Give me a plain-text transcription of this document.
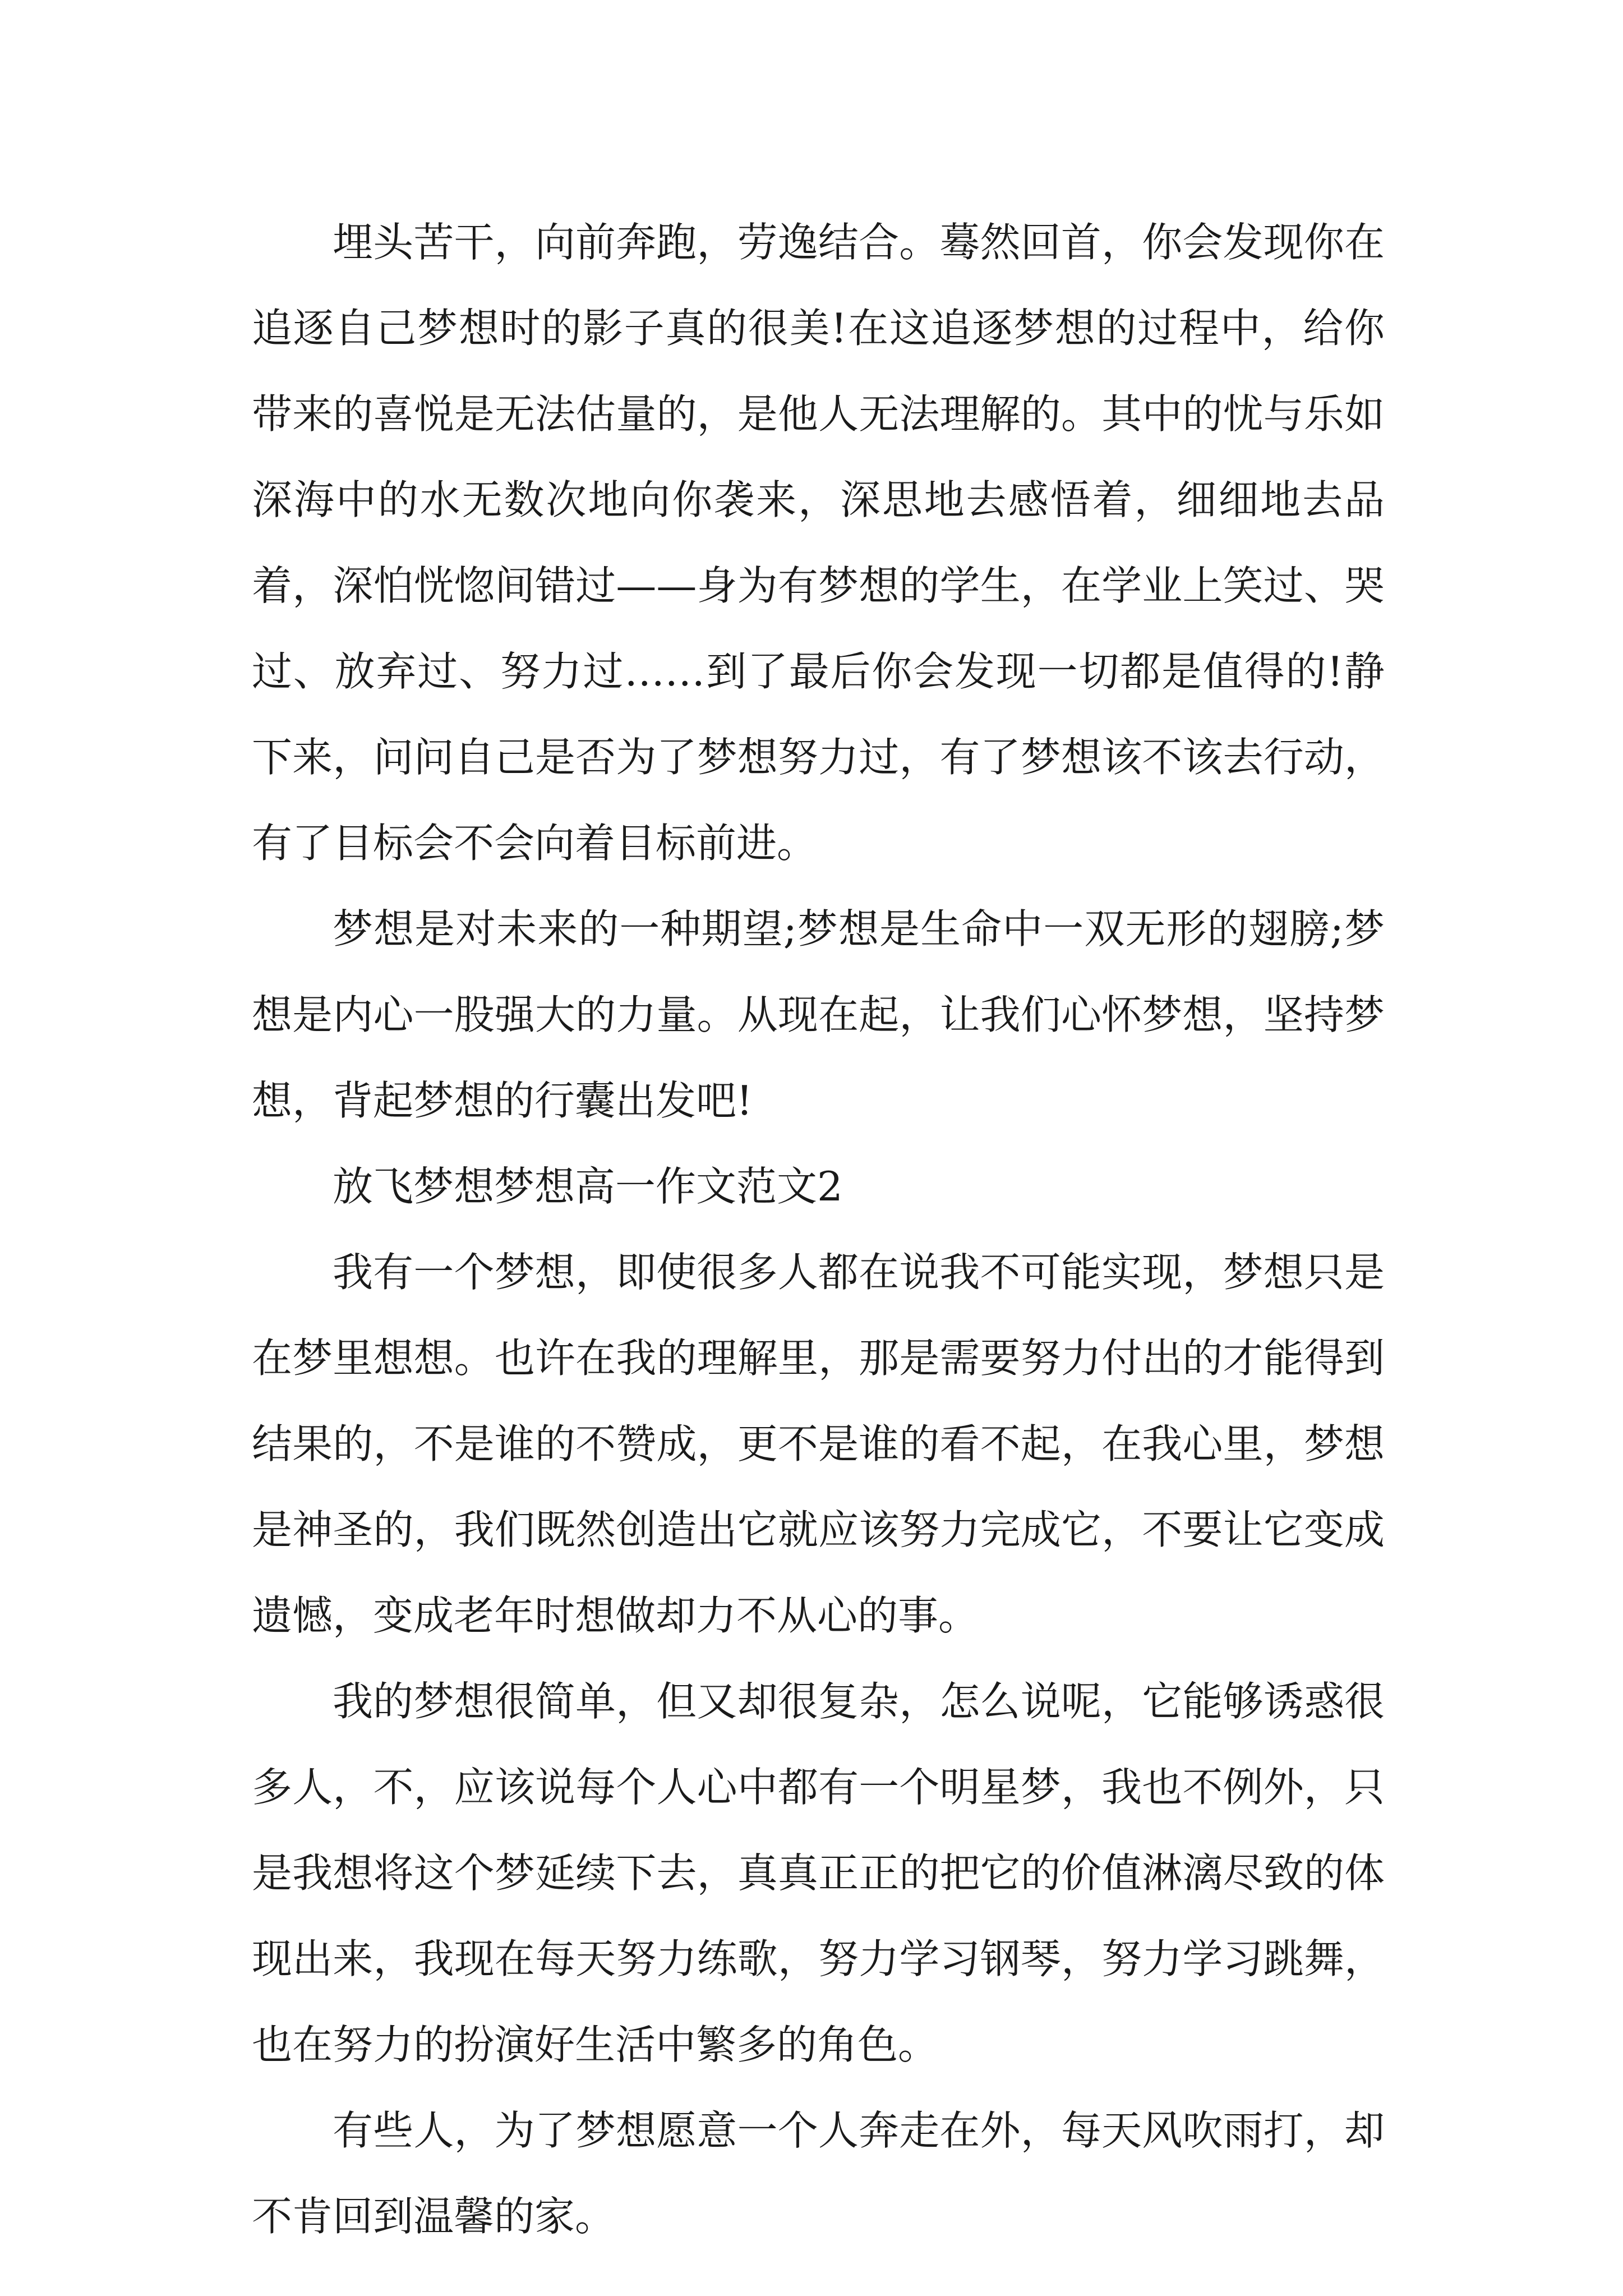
埋头苦干，向前奔跑，劳逸结合。蓦然回首，你会发现你在追逐自己梦想时的影子真的很美!在这追逐梦想的过程中，给你带来的喜悦是无法估量的，是他人无法理解的。其中的忧与乐如深海中的水无数次地向你袭来，深思地去感悟着，细细地去品着，深怕恍惚间错过——身为有梦想的学生，在学业上笑过、哭过、放弃过、努力过……到了最后你会发现一切都是值得的!静下来，问问自己是否为了梦想努力过，有了梦想该不该去行动，有了目标会不会向着目标前进。

梦想是对未来的一种期望;梦想是生命中一双无形的翅膀;梦想是内心一股强大的力量。从现在起，让我们心怀梦想，坚持梦想，背起梦想的行囊出发吧!

放飞梦想梦想高一作文范文2

我有一个梦想，即使很多人都在说我不可能实现，梦想只是在梦里想想。也许在我的理解里，那是需要努力付出的才能得到结果的，不是谁的不赞成，更不是谁的看不起，在我心里，梦想是神圣的，我们既然创造出它就应该努力完成它，不要让它变成遗憾，变成老年时想做却力不从心的事。

我的梦想很简单，但又却很复杂，怎么说呢，它能够诱惑很多人，不，应该说每个人心中都有一个明星梦，我也不例外，只是我想将这个梦延续下去，真真正正的把它的价值淋漓尽致的体现出来，我现在每天努力练歌，努力学习钢琴，努力学习跳舞，也在努力的扮演好生活中繁多的角色。

有些人，为了梦想愿意一个人奔走在外，每天风吹雨打，却不肯回到温馨的家。
